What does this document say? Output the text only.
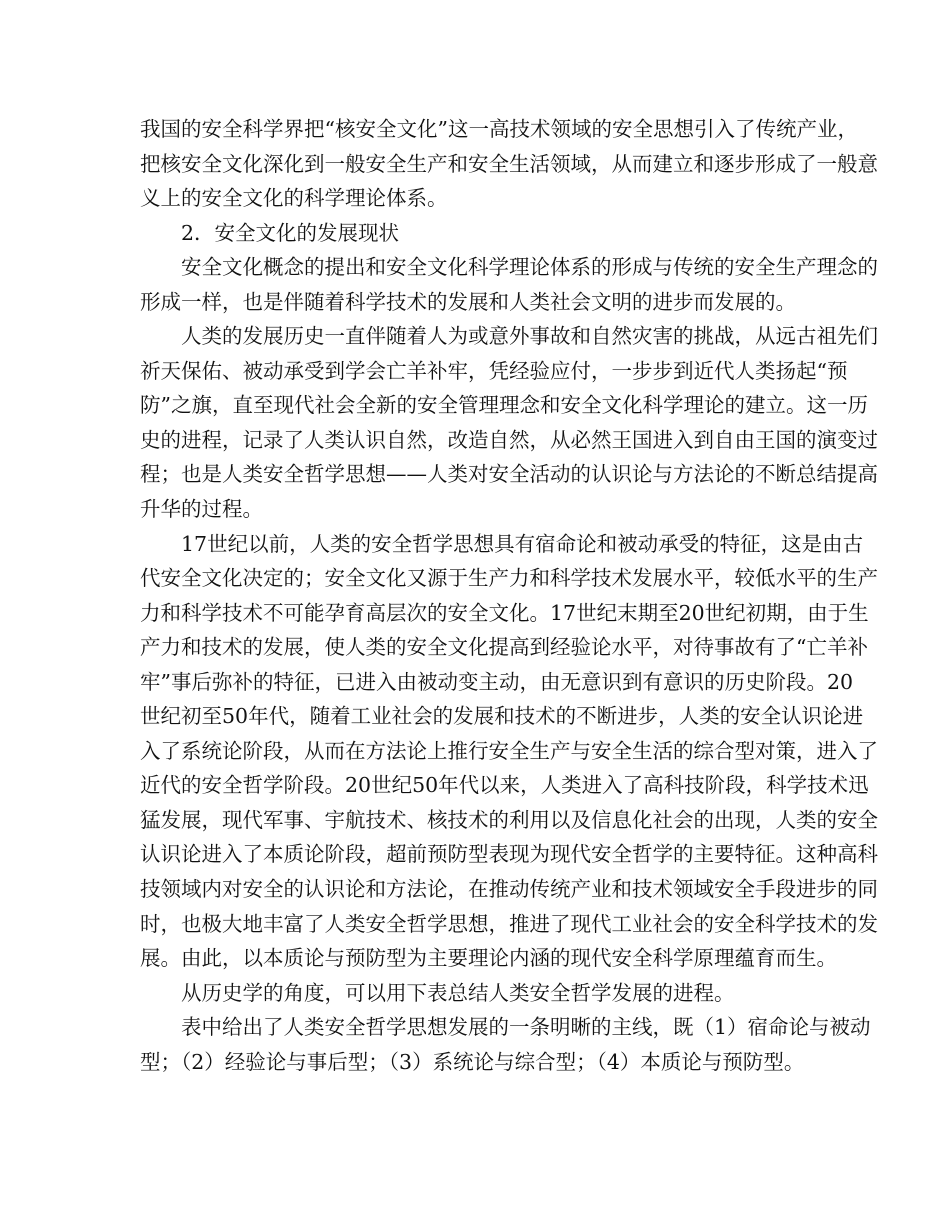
我国的安全科学界把“核安全文化”这一高技术领域的安全思想引入了传统产业，
把核安全文化深化到一般安全生产和安全生活领域，从而建立和逐步形成了一般意
义上的安全文化的科学理论体系。
2．安全文化的发展现状
安全文化概念的提出和安全文化科学理论体系的形成与传统的安全生产理念的
形成一样，也是伴随着科学技术的发展和人类社会文明的进步而发展的。
人类的发展历史一直伴随着人为或意外事故和自然灾害的挑战，从远古祖先们
祈天保佑、被动承受到学会亡羊补牢，凭经验应付，一步步到近代人类扬起“预
防”之旗，直至现代社会全新的安全管理理念和安全文化科学理论的建立。这一历
史的进程，记录了人类认识自然，改造自然，从必然王国进入到自由王国的演变过
程；也是人类安全哲学思想——人类对安全活动的认识论与方法论的不断总结提高
升华的过程。
17世纪以前，人类的安全哲学思想具有宿命论和被动承受的特征，这是由古
代安全文化决定的；安全文化又源于生产力和科学技术发展水平，较低水平的生产
力和科学技术不可能孕育高层次的安全文化。17世纪末期至20世纪初期，由于生
产力和技术的发展，使人类的安全文化提高到经验论水平，对待事故有了“亡羊补
牢”事后弥补的特征，已进入由被动变主动，由无意识到有意识的历史阶段。20
世纪初至50年代，随着工业社会的发展和技术的不断进步，人类的安全认识论进
入了系统论阶段，从而在方法论上推行安全生产与安全生活的综合型对策，进入了
近代的安全哲学阶段。20世纪50年代以来，人类进入了高科技阶段，科学技术迅
猛发展，现代军事、宇航技术、核技术的利用以及信息化社会的出现，人类的安全
认识论进入了本质论阶段，超前预防型表现为现代安全哲学的主要特征。这种高科
技领域内对安全的认识论和方法论，在推动传统产业和技术领域安全手段进步的同
时，也极大地丰富了人类安全哲学思想，推进了现代工业社会的安全科学技术的发
展。由此，以本质论与预防型为主要理论内涵的现代安全科学原理蕴育而生。
从历史学的角度，可以用下表总结人类安全哲学发展的进程。
表中给出了人类安全哲学思想发展的一条明晰的主线，既（1）宿命论与被动
型；（2）经验论与事后型；（3）系统论与综合型；（4）本质论与预防型。
